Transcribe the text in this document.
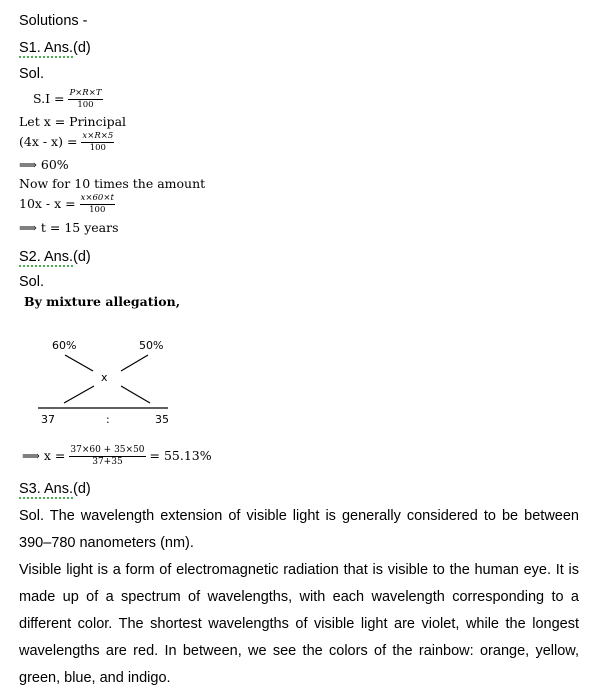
Solutions -
S1. Ans.(d)
Sol.
$S.I = \frac{P\times R\times T}{100}$
Let x = Principal
$(4x - x) = \frac{x\times R\times 5}{100}$
⟹ 60%
Now for 10 times the amount
$10x - x = \frac{x\times 60\times t}{100}$
⟹ t = 15 years
S2. Ans.(d)
Sol.
By mixture allegation,
60%	50%
x
37	:	35
⟹ $x = \frac{37\times 60 + 35\times 50}{37+35} = 55.13\%$
S3. Ans.(d)
Sol. The wavelength extension of visible light is generally considered to be between 390–780 nanometers (nm).
Visible light is a form of electromagnetic radiation that is visible to the human eye. It is made up of a spectrum of wavelengths, with each wavelength corresponding to a different color. The shortest wavelengths of visible light are violet, while the longest wavelengths are red. In between, we see the colors of the rainbow: orange, yellow, green, blue, and indigo.
